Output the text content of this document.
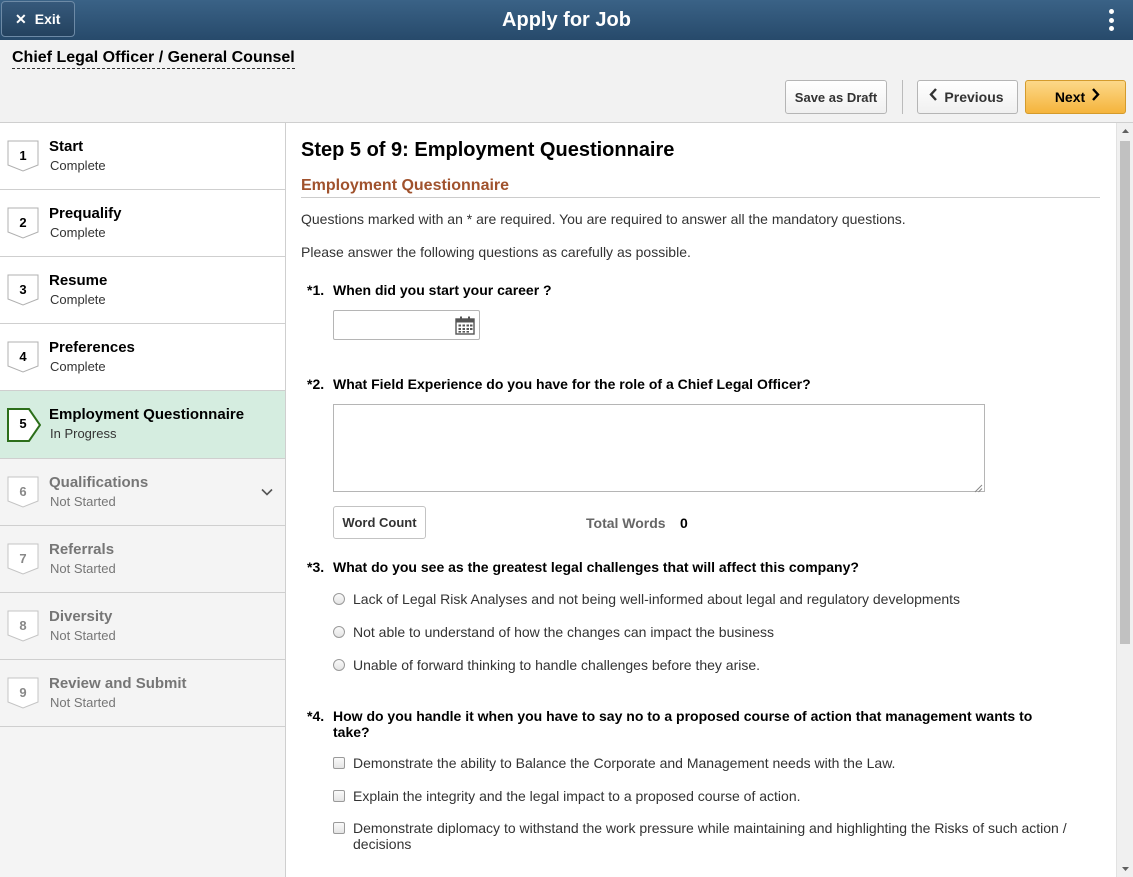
✕ Exit	Apply for Job
Chief Legal Officer / General Counsel
Save as Draft	Previous	Next
1
Start
Complete
2
Prequalify
Complete
3
Resume
Complete
4
Preferences
Complete
5
Employment Questionnaire
In Progress
6
Qualifications
Not Started
7
Referrals
Not Started
8
Diversity
Not Started
9
Review and Submit
Not Started
Step 5 of 9: Employment Questionnaire
Employment Questionnaire
Questions marked with an * are required. You are required to answer all the mandatory questions.
Please answer the following questions as carefully as possible.
*1. When did you start your career ?
*2. What Field Experience do you have for the role of a Chief Legal Officer?
Word Count	Total Words 0
*3. What do you see as the greatest legal challenges that will affect this company?
Lack of Legal Risk Analyses and not being well-informed about legal and regulatory developments
Not able to understand of how the changes can impact the business
Unable of forward thinking to handle challenges before they arise.
*4. How do you handle it when you have to say no to a proposed course of action that management wants to take?
Demonstrate the ability to Balance the Corporate and Management needs with the Law.
Explain the integrity and the legal impact to a proposed course of action.
Demonstrate diplomacy to withstand the work pressure while maintaining and highlighting the Risks of such action / decisions
